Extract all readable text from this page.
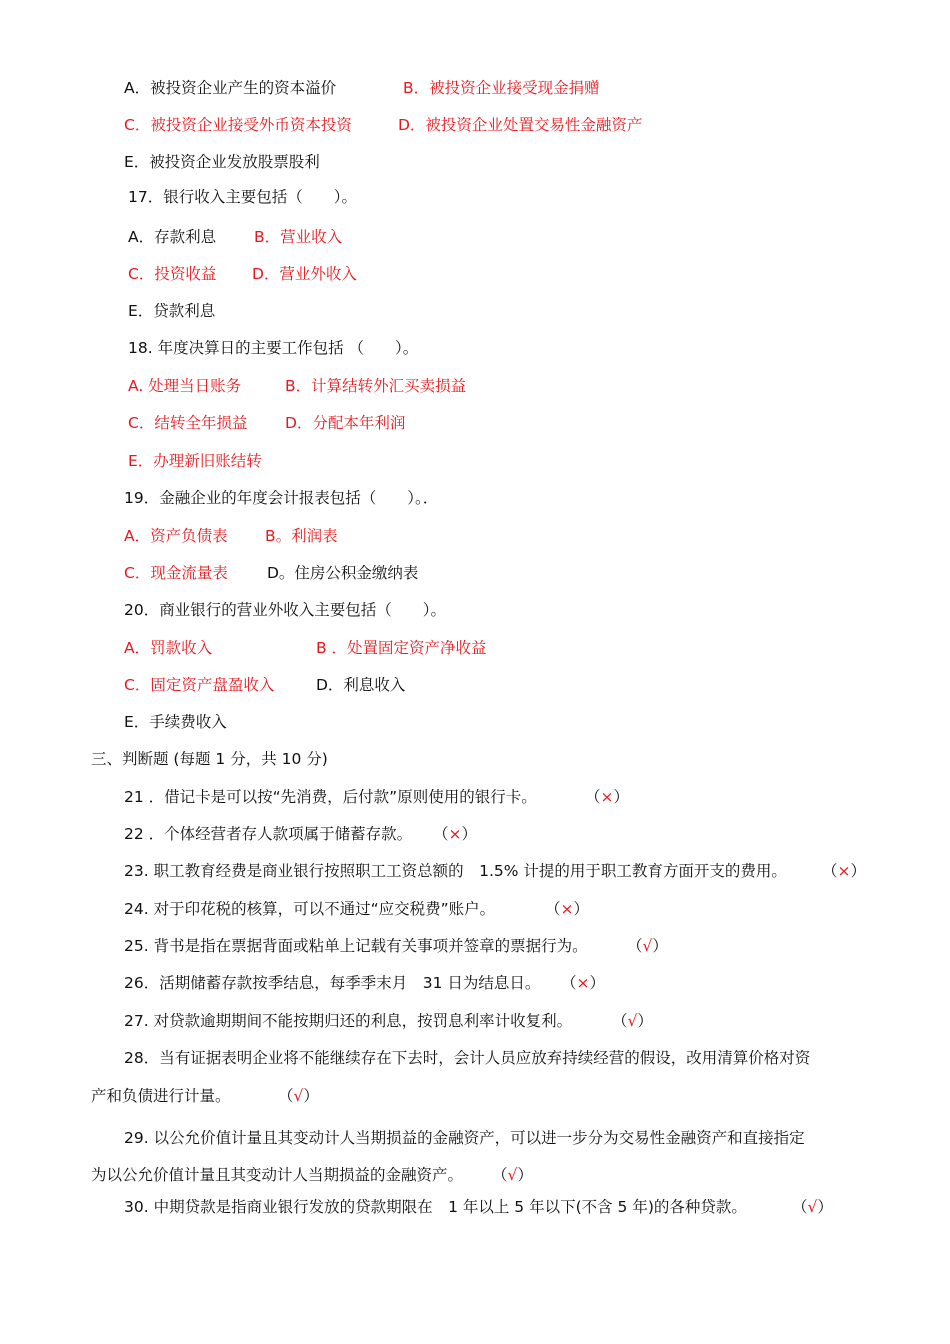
A．被投资企业产生的资本溢价	B．被投资企业接受现金捐赠
C．被投资企业接受外币资本投资	D．被投资企业处置交易性金融资产
E．被投资企业发放股票股利
17．银行收入主要包括（　　）。
A．存款利息 B．营业收入
C．投资收益 D．营业外收入
E．贷款利息
18. 年度决算日的主要工作包括 （　　）。
A. 处理当日账务	B．计算结转外汇买卖损益
C．结转全年损益 D．分配本年利润
E．办理新旧账结转
19．金融企业的年度会计报表包括（　　）。．
A．资产负债表 B。利润表
C．现金流量表	D。住房公积金缴纳表
20．商业银行的营业外收入主要包括（　　）。
A．罚款收入	B ．处置固定资产净收益
C．固定资产盘盈收入	D．利息收入
E．手续费收入
三、判断题 (每题 1 分，共 10 分)
21 ．借记卡是可以按“先消费，后付款”原则使用的银行卡。	（×）
22 ．个体经营者存人款项属于储蓄存款。 （×）
23. 职工教育经费是商业银行按照职工工资总额的　1.5% 计提的用于职工教育方面开支的费用。 （×）
24. 对于印花税的核算，可以不通过“应交税费”账户。	（×）
25. 背书是指在票据背面或粘单上记载有关事项并签章的票据行为。	（√）
26．活期储蓄存款按季结息，每季季末月　31 日为结息日。 （×）
27. 对贷款逾期期间不能按期归还的利息，按罚息利率计收复利。	（√）
28．当有证据表明企业将不能继续存在下去时，会计人员应放弃持续经营的假设，改用清算价格对资
产和负债进行计量。	（√）
29. 以公允价值计量且其变动计人当期损益的金融资产，可以进一步分为交易性金融资产和直接指定
为以公允价值计量且其变动计人当期损益的金融资产。 （√）
30. 中期贷款是指商业银行发放的贷款期限在　1 年以上 5 年以下(不含 5 年)的各种贷款。	（√）
